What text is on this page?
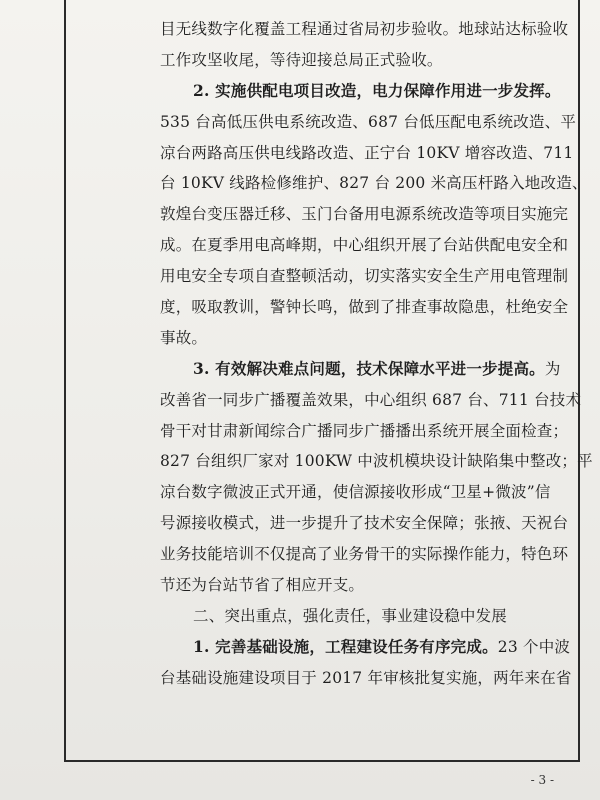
目无线数字化覆盖工程通过省局初步验收。地球站达标验收
工作攻坚收尾，等待迎接总局正式验收。
2. 实施供配电项目改造，电力保障作用进一步发挥。
535 台高低压供电系统改造、687 台低压配电系统改造、平
凉台两路高压供电线路改造、正宁台 10KV 增容改造、711
台 10KV 线路检修维护、827 台 200 米高压杆路入地改造、
敦煌台变压器迁移、玉门台备用电源系统改造等项目实施完
成。在夏季用电高峰期，中心组织开展了台站供配电安全和
用电安全专项自查整顿活动，切实落实安全生产用电管理制
度，吸取教训，警钟长鸣，做到了排查事故隐患，杜绝安全
事故。
3. 有效解决难点问题，技术保障水平进一步提高。为
改善省一同步广播覆盖效果，中心组织 687 台、711 台技术
骨干对甘肃新闻综合广播同步广播播出系统开展全面检查；
827 台组织厂家对 100KW 中波机模块设计缺陷集中整改；平
凉台数字微波正式开通，使信源接收形成“卫星+微波”信
号源接收模式，进一步提升了技术安全保障；张掖、天祝台
业务技能培训不仅提高了业务骨干的实际操作能力，特色环
节还为台站节省了相应开支。
二、突出重点，强化责任，事业建设稳中发展
1. 完善基础设施，工程建设任务有序完成。23 个中波
台基础设施建设项目于 2017 年审核批复实施，两年来在省
- 3 -
